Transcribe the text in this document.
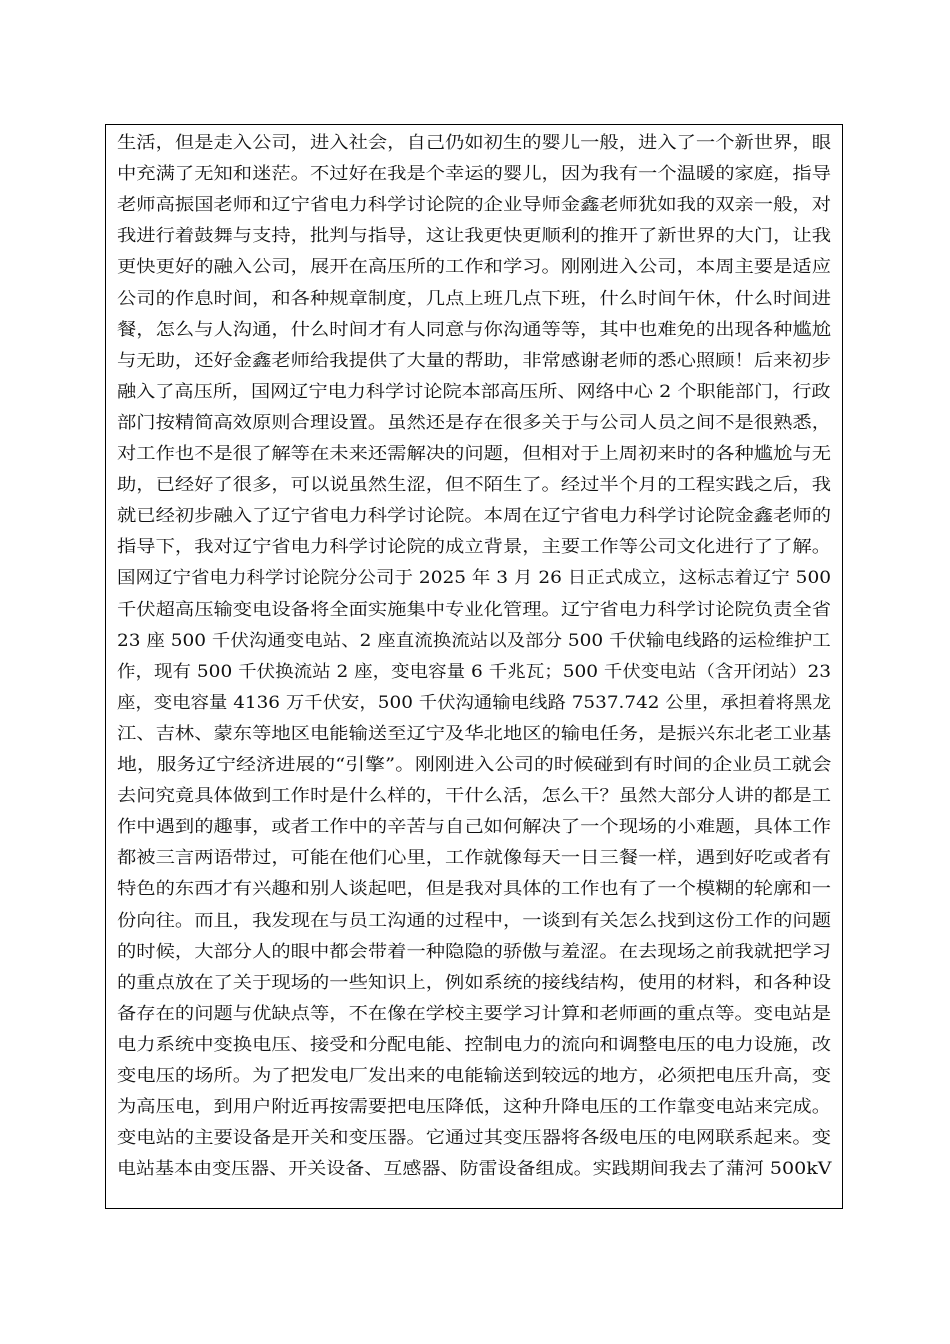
生活，但是走入公司，进入社会，自己仍如初生的婴儿一般，进入了一个新世界，眼
中充满了无知和迷茫。不过好在我是个幸运的婴儿，因为我有一个温暖的家庭，指导
老师高振国老师和辽宁省电力科学讨论院的企业导师金鑫老师犹如我的双亲一般，对
我进行着鼓舞与支持，批判与指导，这让我更快更顺利的推开了新世界的大门，让我
更快更好的融入公司，展开在高压所的工作和学习。刚刚进入公司，本周主要是适应
公司的作息时间，和各种规章制度，几点上班几点下班，什么时间午休，什么时间进
餐，怎么与人沟通，什么时间才有人同意与你沟通等等，其中也难免的出现各种尴尬
与无助，还好金鑫老师给我提供了大量的帮助，非常感谢老师的悉心照顾！后来初步
融入了高压所，国网辽宁电力科学讨论院本部高压所、网络中心 2 个职能部门，行政
部门按精简高效原则合理设置。虽然还是存在很多关于与公司人员之间不是很熟悉，
对工作也不是很了解等在未来还需解决的问题，但相对于上周初来时的各种尴尬与无
助，已经好了很多，可以说虽然生涩，但不陌生了。经过半个月的工程实践之后，我
就已经初步融入了辽宁省电力科学讨论院。本周在辽宁省电力科学讨论院金鑫老师的
指导下，我对辽宁省电力科学讨论院的成立背景，主要工作等公司文化进行了了解。
国网辽宁省电力科学讨论院分公司于 2025 年 3 月 26 日正式成立，这标志着辽宁 500
千伏超高压输变电设备将全面实施集中专业化管理。辽宁省电力科学讨论院负责全省
23 座 500 千伏沟通变电站、2 座直流换流站以及部分 500 千伏输电线路的运检维护工
作，现有 500 千伏换流站 2 座，变电容量 6 千兆瓦；500 千伏变电站（含开闭站）23
座，变电容量 4136 万千伏安，500 千伏沟通输电线路 7537.742 公里，承担着将黑龙
江、吉林、蒙东等地区电能输送至辽宁及华北地区的输电任务，是振兴东北老工业基
地，服务辽宁经济进展的“引擎”。刚刚进入公司的时候碰到有时间的企业员工就会
去问究竟具体做到工作时是什么样的，干什么活，怎么干？虽然大部分人讲的都是工
作中遇到的趣事，或者工作中的辛苦与自己如何解决了一个现场的小难题，具体工作
都被三言两语带过，可能在他们心里，工作就像每天一日三餐一样，遇到好吃或者有
特色的东西才有兴趣和别人谈起吧，但是我对具体的工作也有了一个模糊的轮廓和一
份向往。而且，我发现在与员工沟通的过程中，一谈到有关怎么找到这份工作的问题
的时候，大部分人的眼中都会带着一种隐隐的骄傲与羞涩。在去现场之前我就把学习
的重点放在了关于现场的一些知识上，例如系统的接线结构，使用的材料，和各种设
备存在的问题与优缺点等，不在像在学校主要学习计算和老师画的重点等。变电站是
电力系统中变换电压、接受和分配电能、控制电力的流向和调整电压的电力设施，改
变电压的场所。为了把发电厂发出来的电能输送到较远的地方，必须把电压升高，变
为高压电，到用户附近再按需要把电压降低，这种升降电压的工作靠变电站来完成。
变电站的主要设备是开关和变压器。它通过其变压器将各级电压的电网联系起来。变
电站基本由变压器、开关设备、互感器、防雷设备组成。实践期间我去了蒲河 500kV
